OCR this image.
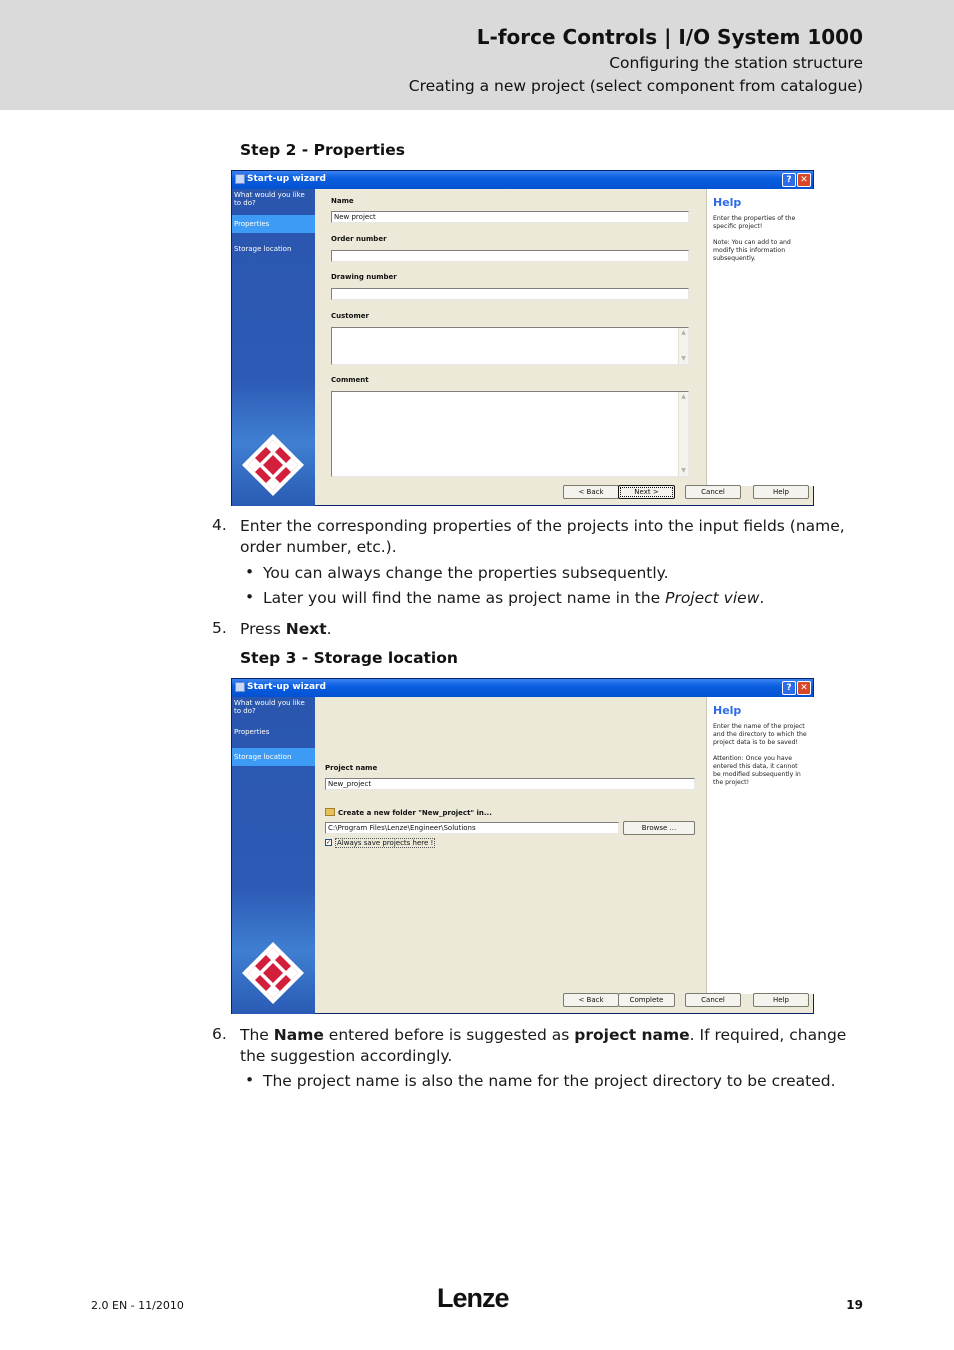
L-force Controls | I/O System 1000
Configuring the station structure
Creating a new project (select component from catalogue)
Step 2 - Properties
Start-up wizard	? ✕
What would you like to do?
Properties
Storage location
Name
New project
Order number
Drawing number
Customer
▲
▼
Comment
▲
▼
Help
Enter the properties of the specific project!
Note: You can add to and modify this information subsequently.
< Back	Next >	Cancel	Help
4. Enter the corresponding properties of the projects into the input fields (name, order number, etc.).
• You can always change the properties subsequently.
• Later you will find the name as project name in the Project view.
5. Press Next.
Step 3 - Storage location
Start-up wizard	? ✕
What would you like to do?
Properties
Storage location
Project name
New_project
Create a new folder "New_project" in...
C:\Program Files\Lenze\Engineer\Solutions	Browse ...
✓ Always save projects here !
Help
Enter the name of the project and the directory to which the project data is to be saved!
Attention: Once you have entered this data, it cannot be modified subsequently in the project!
< Back	Complete	Cancel	Help
6. The Name entered before is suggested as project name. If required, change the suggestion accordingly.
• The project name is also the name for the project directory to be created.
2.0 EN - 11/2010	Lenze	19
